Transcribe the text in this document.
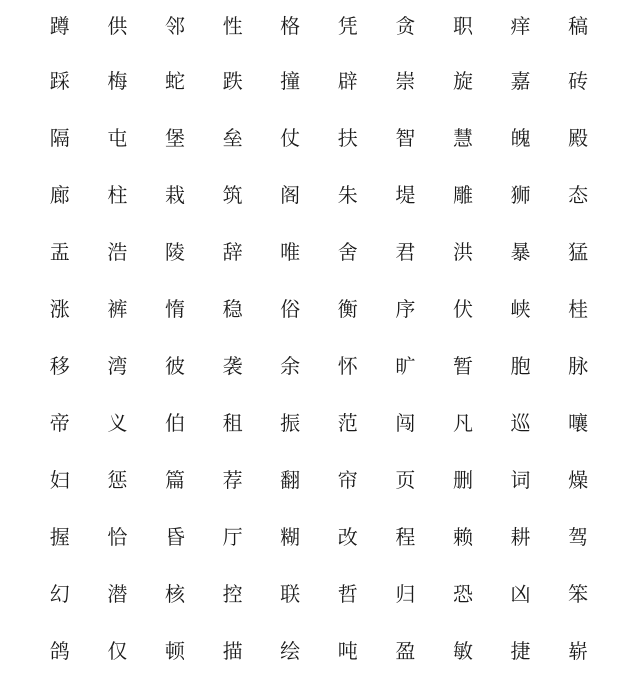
蹲	供	邻	性	格	凭	贪	职	痒	稿
踩	梅	蛇	跌	撞	辟	崇	旋	嘉	砖
隔	屯	堡	垒	仗	扶	智	慧	魄	殿
廊	柱	栽	筑	阁	朱	堤	雕	狮	态
盂	浩	陵	辞	唯	舍	君	洪	暴	猛
涨	裤	惰	稳	俗	衡	序	伏	峡	桂
移	湾	彼	袭	余	怀	旷	暂	胞	脉
帝	义	伯	租	振	范	闯	凡	巡	嚷
妇	惩	篇	荐	翻	帘	页	删	词	燥
握	恰	昏	厅	糊	改	程	赖	耕	驾
幻	潜	核	控	联	哲	归	恐	凶	笨
鸽	仅	顿	描	绘	吨	盈	敏	捷	崭
